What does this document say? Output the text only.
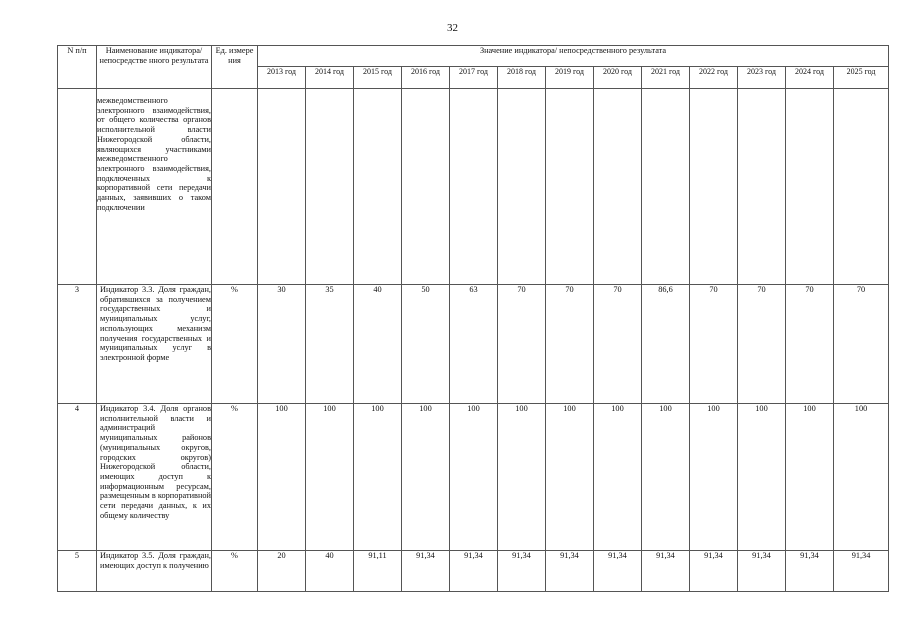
32
N п/п	Наименование индикатора/непосредстве нного результата	Ед. измере ния	Значение индикатора/ непосредственного результата												
			2013 год	2014 год	2015 год	2016 год	2017 год	2018 год	2019 год	2020 год	2021 год	2022 год	2023 год	2024 год	2025 год
	межведомственного электронного взаимодействия, от общего количества органов исполнительной власти Нижегородской области, являющихся участниками межведомственного электронного взаимодействия, подключенных к корпоративной сети передачи данных, заявивших о таком подключении														
3	Индикатор 3.3. Доля граждан, обратившихся за получением государственных и муниципальных услуг, использующих механизм получения государственных и муниципальных услуг в электронной форме	%	30	35	40	50	63	70	70	70	86,6	70	70	70	70
4	Индикатор 3.4. Доля органов исполнительной власти и администраций муниципальных районов (муниципальных округов, городских округов) Нижегородской области, имеющих доступ к информационным ресурсам, размещенным в корпоративной сети передачи данных, к их общему количеству	%	100	100	100	100	100	100	100	100	100	100	100	100	100
5	Индикатор 3.5. Доля граждан, имеющих доступ к получению	%	20	40	91,11	91,34	91,34	91,34	91,34	91,34	91,34	91,34	91,34	91,34	91,34
